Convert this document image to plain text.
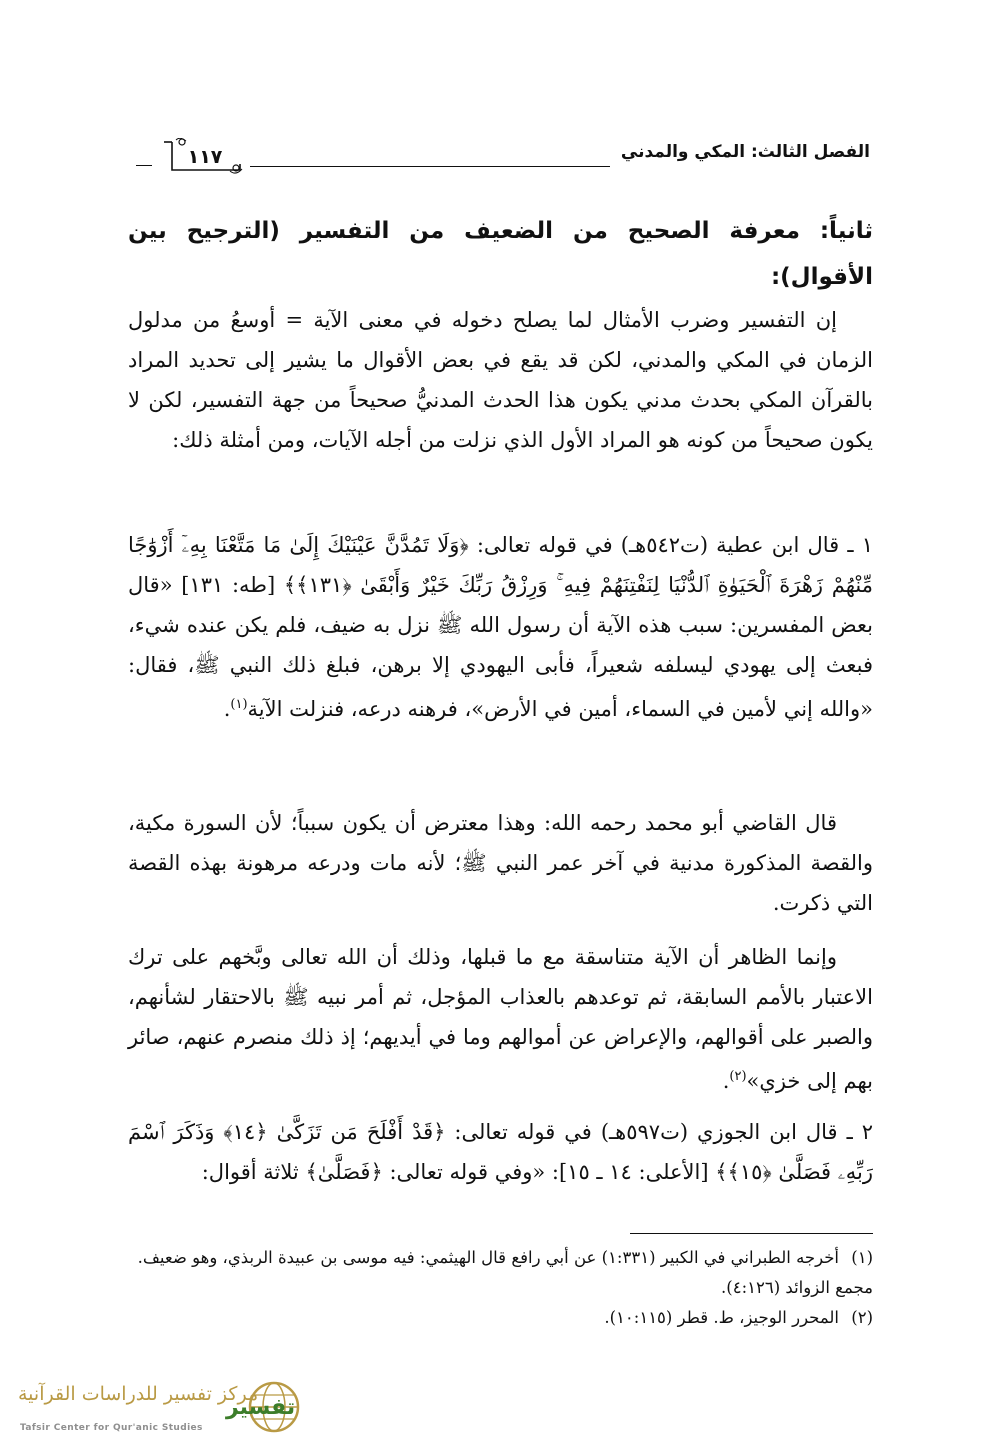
الفصل الثالث: المكي والمدني
١١٧
ثانياً: معرفة الصحيح من الضعيف من التفسير (الترجيح بين الأقوال):
إن التفسير وضرب الأمثال لما يصلح دخوله في معنى الآية = أوسعُ من مدلول الزمان في المكي والمدني، لكن قد يقع في بعض الأقوال ما يشير إلى تحديد المراد بالقرآن المكي بحدث مدني يكون هذا الحدث المدنيُّ صحيحاً من جهة التفسير، لكن لا يكون صحيحاً من كونه هو المراد الأول الذي نزلت من أجله الآيات، ومن أمثلة ذلك:
١ ـ قال ابن عطية (ت٥٤٢هـ) في قوله تعالى: ﴿وَلَا تَمُدَّنَّ عَيْنَيْكَ إِلَىٰ مَا مَتَّعْنَا بِهِۦٓ أَزْوَٰجًا مِّنْهُمْ زَهْرَةَ ٱلْحَيَوٰةِ ٱلدُّنْيَا لِنَفْتِنَهُمْ فِيهِ ۚ وَرِزْقُ رَبِّكَ خَيْرٌ وَأَبْقَىٰ ﴿١٣١﴾﴾ [طه: ١٣١] «قال بعض المفسرين: سبب هذه الآية أن رسول الله ﷺ نزل به ضيف، فلم يكن عنده شيء، فبعث إلى يهودي ليسلفه شعيراً، فأبى اليهودي إلا برهن، فبلغ ذلك النبي ﷺ، فقال: «والله إني لأمين في السماء، أمين في الأرض»، فرهنه درعه، فنزلت الآية$^{(١)}$.
قال القاضي أبو محمد رحمه الله: وهذا معترض أن يكون سبباً؛ لأن السورة مكية، والقصة المذكورة مدنية في آخر عمر النبي ﷺ؛ لأنه مات ودرعه مرهونة بهذه القصة التي ذكرت.
وإنما الظاهر أن الآية متناسقة مع ما قبلها، وذلك أن الله تعالى وبَّخهم على ترك الاعتبار بالأمم السابقة، ثم توعدهم بالعذاب المؤجل، ثم أمر نبيه ﷺ بالاحتقار لشأنهم، والصبر على أقوالهم، والإعراض عن أموالهم وما في أيديهم؛ إذ ذلك منصرم عنهم، صائر بهم إلى خزي»$^{(٢)}$.
٢ ـ قال ابن الجوزي (ت٥٩٧هـ) في قوله تعالى: ﴿قَدْ أَفْلَحَ مَن تَزَكَّىٰ ﴿١٤﴾ وَذَكَرَ ٱسْمَ رَبِّهِۦ فَصَلَّىٰ ﴿١٥﴾﴾ [الأعلى: ١٤ ـ ١٥]: «وفي قوله تعالى: ﴿فَصَلَّىٰ﴾ ثلاثة أقوال:

(١)أخرجه الطبراني في الكبير (١:٣٣١) عن أبي رافع قال الهيثمي: فيه موسى بن عبيدة الربذي، وهو ضعيف. مجمع الزوائد (٤:١٢٦).

(٢)المحرر الوجيز، ط. قطر (١٠:١١٥).

مركز تفسير للدراسات القرآنية
Tafsir Center for Qur'anic Studies
تفسير
